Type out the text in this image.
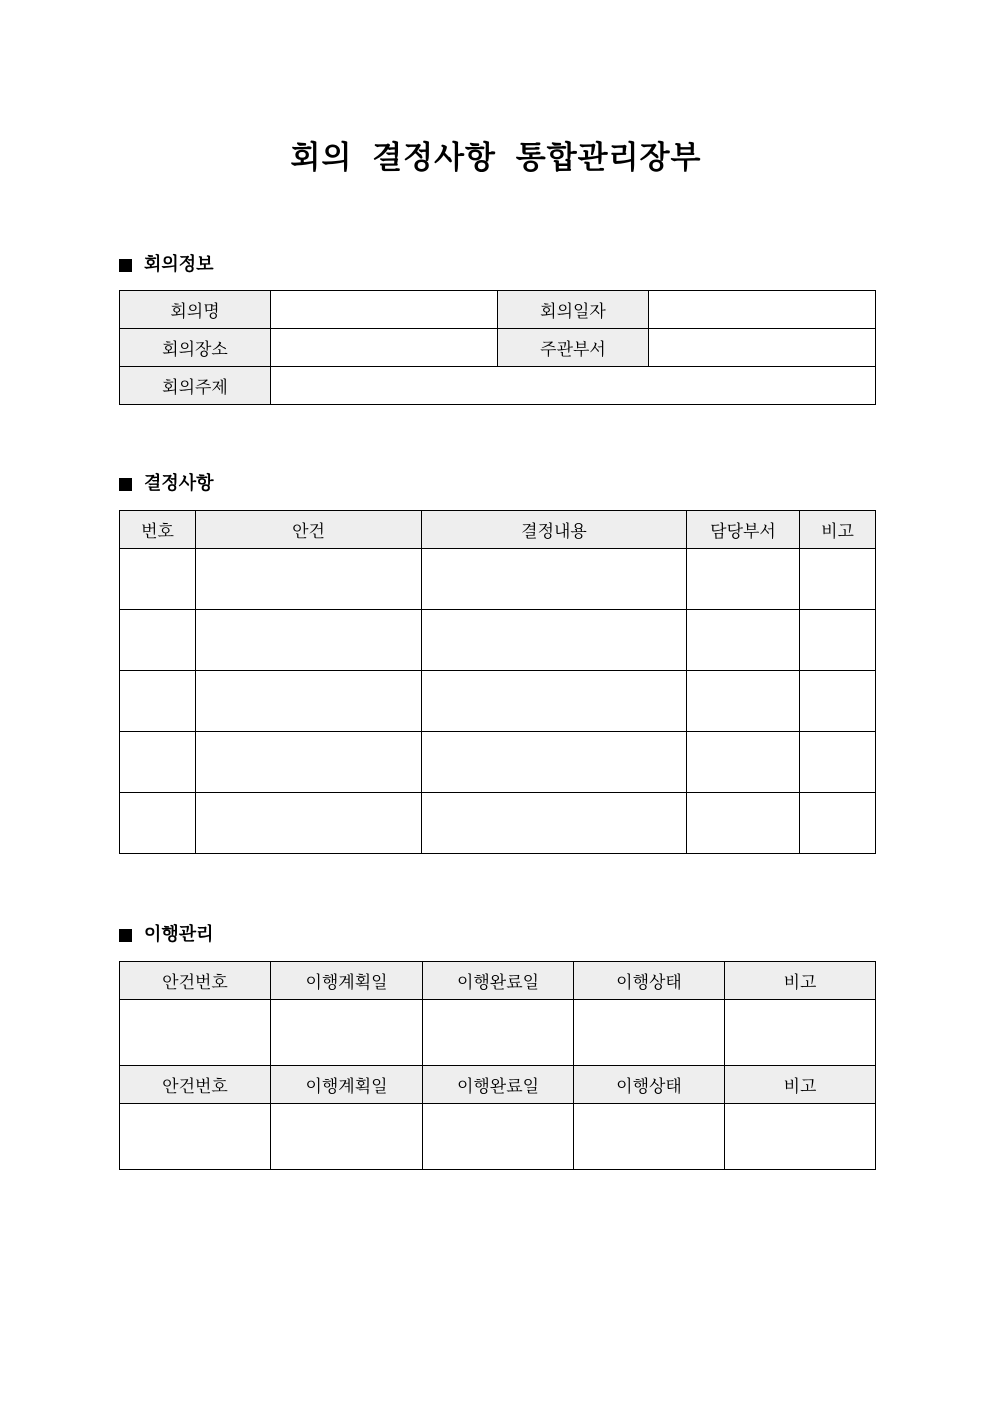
회의 결정사항 통합관리장부
회의정보
회의명		회의일자	
회의장소		주관부서	
회의주제			
결정사항
번호	안건	결정내용	담당부서	비고

이행관리
안건번호	이행계획일	이행완료일	이행상태	비고

안건번호	이행계획일	이행완료일	이행상태	비고
